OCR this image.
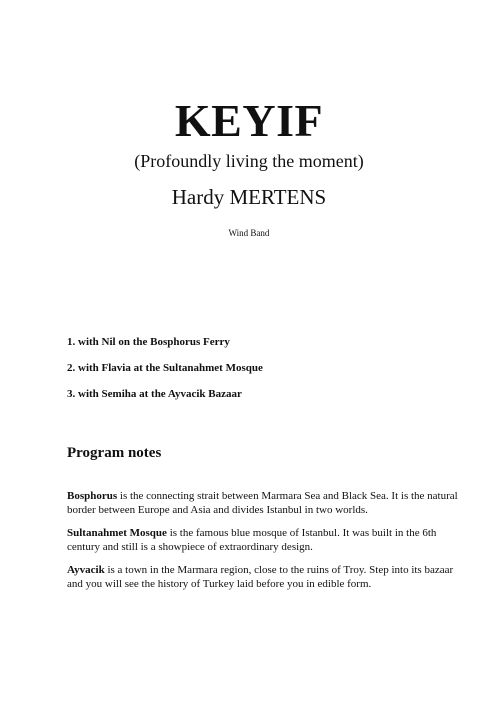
KEYIF
(Profoundly living the moment)
Hardy MERTENS
Wind Band
1. with Nil on the Bosphorus Ferry
2. with Flavia at the Sultanahmet Mosque
3. with Semiha at the Ayvacik Bazaar
Program notes

Bosphorus is the connecting strait between Marmara Sea and Black Sea. It is the natural border between Europe and Asia and divides Istanbul in two worlds.

Sultanahmet Mosque is the famous blue mosque of Istanbul. It was built in the 6th century and still is a showpiece of extraordinary design.

Ayvacik is a town in the Marmara region, close to the ruins of Troy. Step into its bazaar and you will see the history of Turkey laid before you in edible form.
